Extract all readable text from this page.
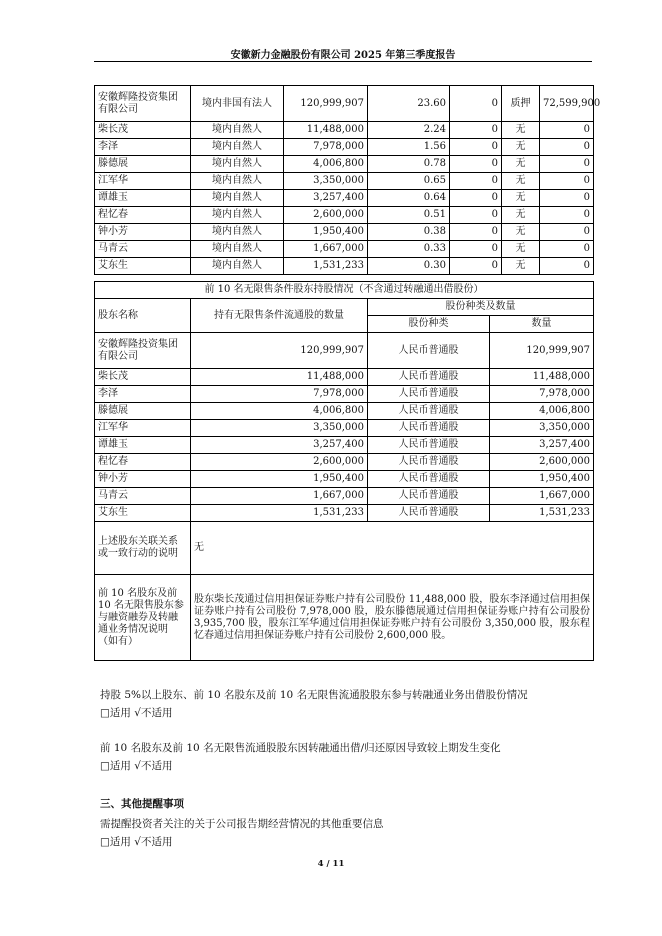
安徽新力金融股份有限公司 2025 年第三季度报告
安徽辉隆投资集团有限公司	境内非国有法人	120,999,907	23.60	0	质押	72,599,900
柴长茂	境内自然人	11,488,000	2.24	0	无	0
李泽	境内自然人	7,978,000	1.56	0	无	0
滕德展	境内自然人	4,006,800	0.78	0	无	0
江军华	境内自然人	3,350,000	0.65	0	无	0
谭雄玉	境内自然人	3,257,400	0.64	0	无	0
程忆春	境内自然人	2,600,000	0.51	0	无	0
钟小芳	境内自然人	1,950,400	0.38	0	无	0
马青云	境内自然人	1,667,000	0.33	0	无	0
艾东生	境内自然人	1,531,233	0.30	0	无	0
前 10 名无限售条件股东持股情况（不含通过转融通出借股份）			
股东名称	持有无限售条件流通股的数量	股份种类及数量	
		股份种类	数量
安徽辉隆投资集团有限公司	120,999,907	人民币普通股	120,999,907
柴长茂	11,488,000	人民币普通股	11,488,000
李泽	7,978,000	人民币普通股	7,978,000
滕德展	4,006,800	人民币普通股	4,006,800
江军华	3,350,000	人民币普通股	3,350,000
谭雄玉	3,257,400	人民币普通股	3,257,400
程忆春	2,600,000	人民币普通股	2,600,000
钟小芳	1,950,400	人民币普通股	1,950,400
马青云	1,667,000	人民币普通股	1,667,000
艾东生	1,531,233	人民币普通股	1,531,233
上述股东关联关系或一致行动的说明	无		
前 10 名股东及前 10 名无限售股东参与融资融券及转融通业务情况说明（如有）	股东柴长茂通过信用担保证券账户持有公司股份 11,488,000 股，股东李泽通过信用担保证券账户持有公司股份 7,978,000 股，股东滕德展通过信用担保证券账户持有公司股份 3,935,700 股，股东江军华通过信用担保证券账户持有公司股份 3,350,000 股，股东程忆春通过信用担保证券账户持有公司股份 2,600,000 股。		
持股 5%以上股东、前 10 名股东及前 10 名无限售流通股股东参与转融通业务出借股份情况
□适用 √不适用
前 10 名股东及前 10 名无限售流通股股东因转融通出借/归还原因导致较上期发生变化
□适用 √不适用
三、其他提醒事项
需提醒投资者关注的关于公司报告期经营情况的其他重要信息
□适用 √不适用
4 / 11
